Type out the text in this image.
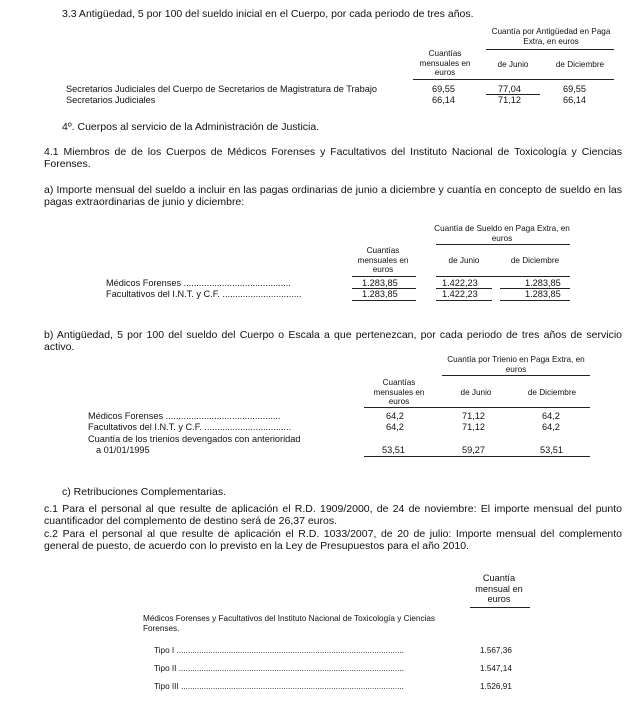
3.3 Antigüedad, 5 por 100 del sueldo inicial en el Cuerpo, por cada periodo de tres años.
Cuantía por Antigüedad en Paga Extra, en euros
Cuantías mensuales en euros
de Junio	de Diciembre
Secretarios Judiciales del Cuerpo de Secretarios de Magistratura de Trabajo	69,55	77,04	69,55
Secretarios Judiciales	66,14	71,12	66,14
4º. Cuerpos al servicio de la Administración de Justicia.
4.1 Miembros de de los Cuerpos de Médicos Forenses y Facultativos del Instituto Nacional de Toxicología y Ciencias Forenses.
a) Importe mensual del sueldo a incluir en las pagas ordinarias de junio a diciembre y cuantía en concepto de sueldo en las pagas extraordinarias de junio y diciembre:
Cuantía de Sueldo en Paga Extra, en euros
Cuantías mensuales en euros
de Junio	de Diciembre
Médicos Forenses ..........................................	1.283,85	1.422,23	1.283,85
Facultativos del I.N.T. y C.F. ...............................	1.283,85	1.422,23	1.283,85
b) Antigüedad, 5 por 100 del sueldo del Cuerpo o Escala a que pertenezcan, por cada periodo de tres años de servicio activo.
Cuantía por Trienio en Paga Extra, en euros
Cuantías mensuales en euros
de Junio	de Diciembre
Médicos Forenses .............................................	64,2	71,12	64,2
Facultativos del I.N.T. y C.F. ..................................	64,2	71,12	64,2
Cuantía de los trienios devengados con anterioridad
a 01/01/1995	53,51	59,27	53,51
c) Retribuciones Complementarias.
c.1 Para el personal al que resulte de aplicación el R.D. 1909/2000, de 24 de noviembre: El importe mensual del punto cuantificador del complemento de destino será de 26,37 euros.
c.2 Para el personal al que resulte de aplicación el R.D. 1033/2007, de 20 de julio: Importe mensual del complemento general de puesto, de acuerdo con lo previsto en la Ley de Presupuestos para el año 2010.
Cuantía mensual en euros
Médicos Forenses y Facultativos del Instituto Nacional de Toxicología y Ciencias Forenses.
Tipo I ....................................................................................................	1.567,36
Tipo II ...................................................................................................	1.547,14
Tipo III ..................................................................................................	1.526,91
